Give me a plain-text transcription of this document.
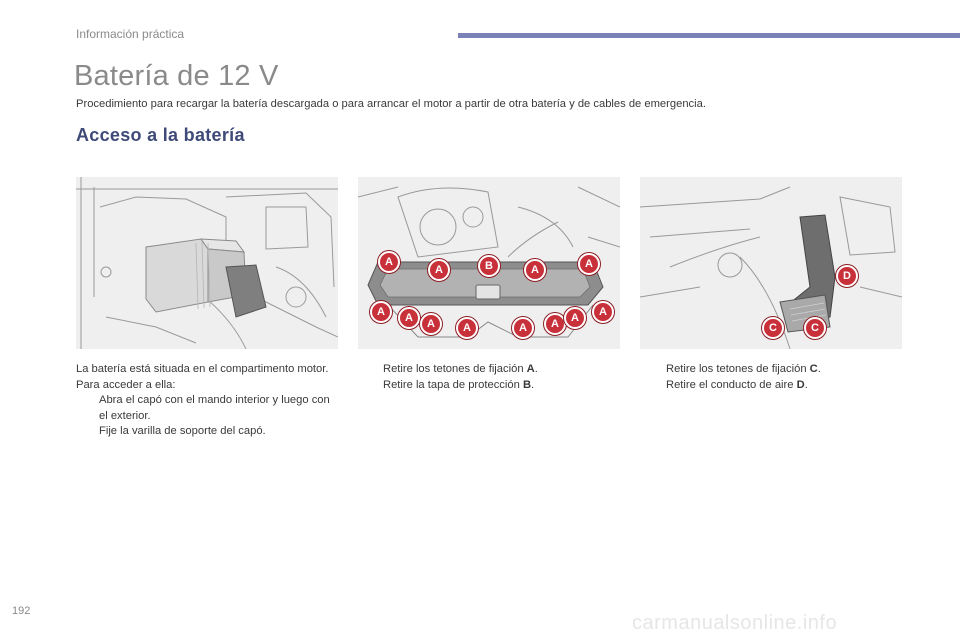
Información práctica
Batería de 12 V
Procedimiento para recargar la batería descargada o para arrancar el motor a partir de otra batería y de cables de emergencia.
Acceso a la batería
A
A	B	A	A
A	A	A	A	A	A	A	A
D
C	C

La batería está situada en el compartimento motor.

Para acceder a ella:

Abra el capó con el mando interior y luego con el exterior.
Fije la varilla de soporte del capó.
Retire los tetones de fijación A.
Retire la tapa de protección B.
Retire los tetones de fijación C.
Retire el conducto de aire D.
192
carmanualsonline.info
